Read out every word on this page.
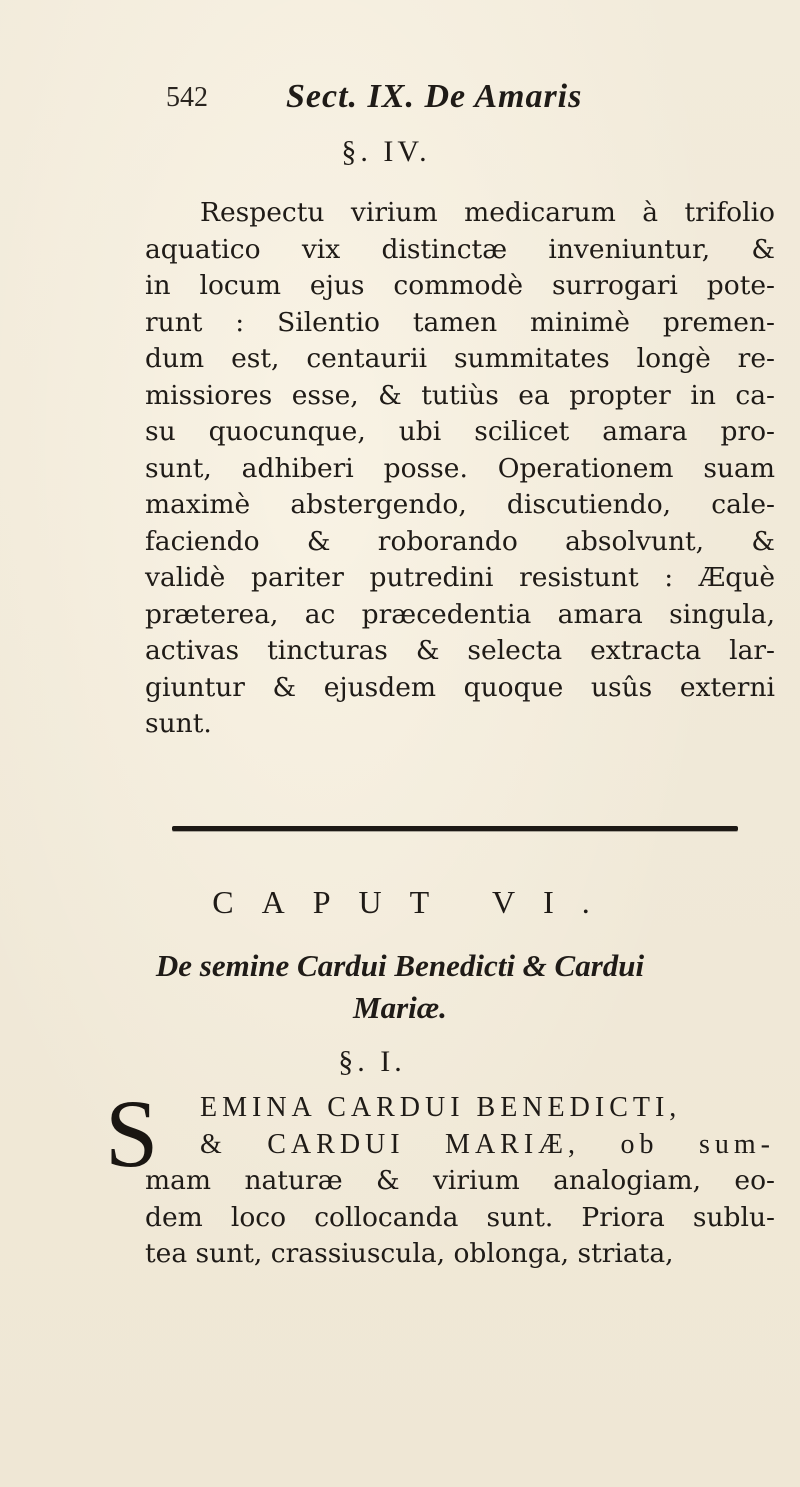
542 Sect. IX. De Amaris
§. IV.
Respectu virium medicarum à trifolio
aquatico vix distinctæ inveniuntur, &
in locum ejus commodè surrogari pote-
runt : Silentio tamen minimè premen-
dum est, centaurii summitates longè re-
missiores esse, & tutiùs ea propter in ca-
su quocunque, ubi scilicet amara pro-
sunt, adhiberi posse. Operationem suam
maximè abstergendo, discutiendo, cale-
faciendo & roborando absolvunt, &
validè pariter putredini resistunt : Æquè
præterea, ac præcedentia amara singula,
activas tincturas & selecta extracta lar-
giuntur & ejusdem quoque usûs externi
sunt.
CAPUT VI.
De semine Cardui Benedicti & Cardui
Mariæ.
§. I.
S	EMINA CARDUI BENEDICTI,
& CARDUI MARIÆ, ob sum-
mam naturæ & virium analogiam, eo-
dem loco collocanda sunt. Priora sublu-
tea sunt, crassiuscula, oblonga, striata,
